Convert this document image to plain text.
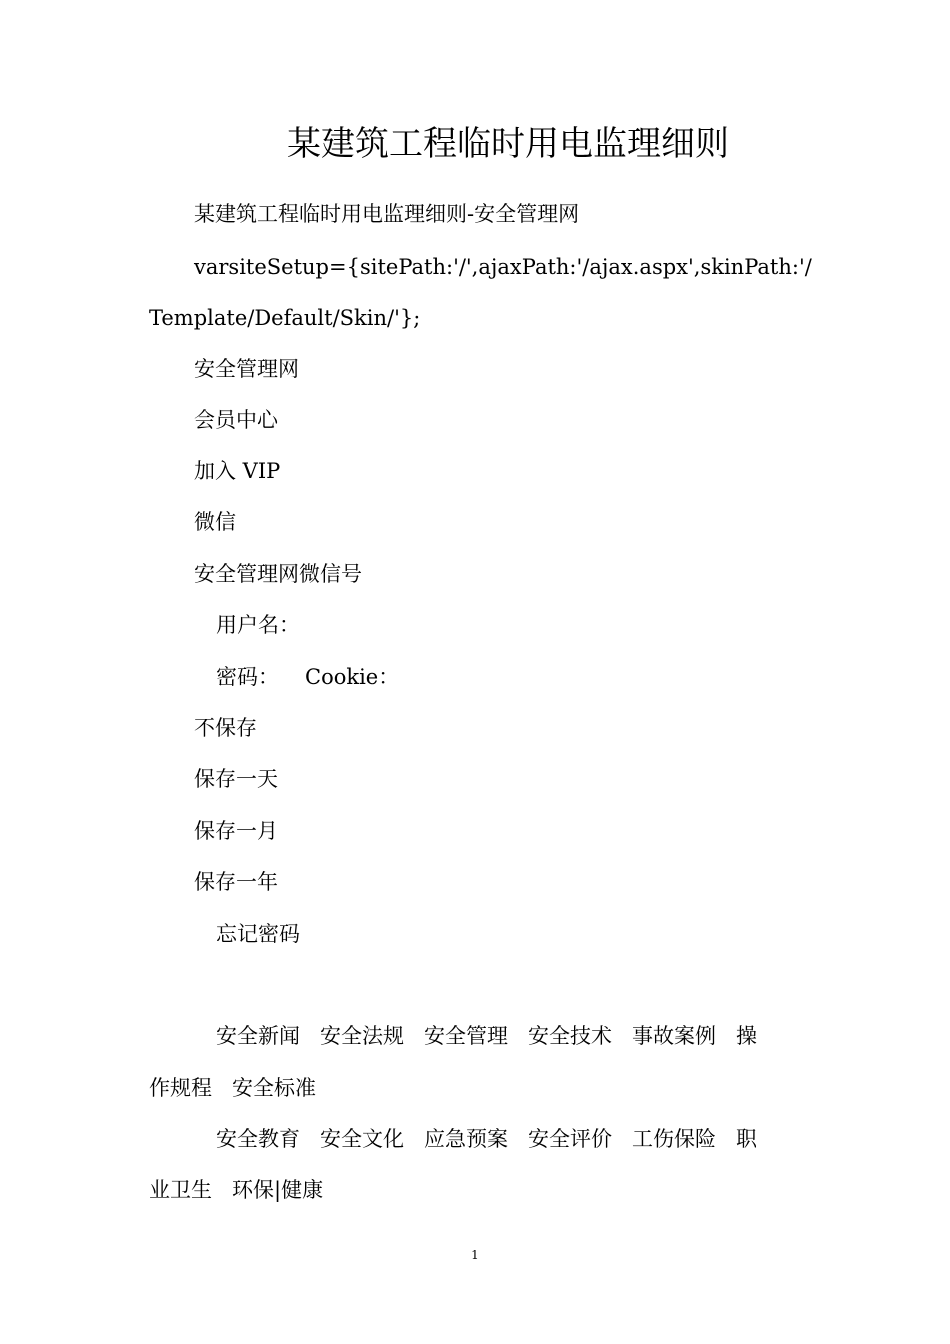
某建筑工程临时用电监理细则
某建筑工程临时用电监理细则-安全管理网
varsiteSetup={sitePath:'/',ajaxPath:'/ajax.aspx',skinPath:'/
Template/Default/Skin/'};
安全管理网
会员中心
加入 VIP
微信
安全管理网微信号
用户名：
密码： Cookie：
不保存
保存一天
保存一月
保存一年
忘记密码
安全新闻 安全法规 安全管理 安全技术 事故案例 操
作规程 安全标准
安全教育 安全文化 应急预案 安全评价 工伤保险 职
业卫生 环保|健康
1
